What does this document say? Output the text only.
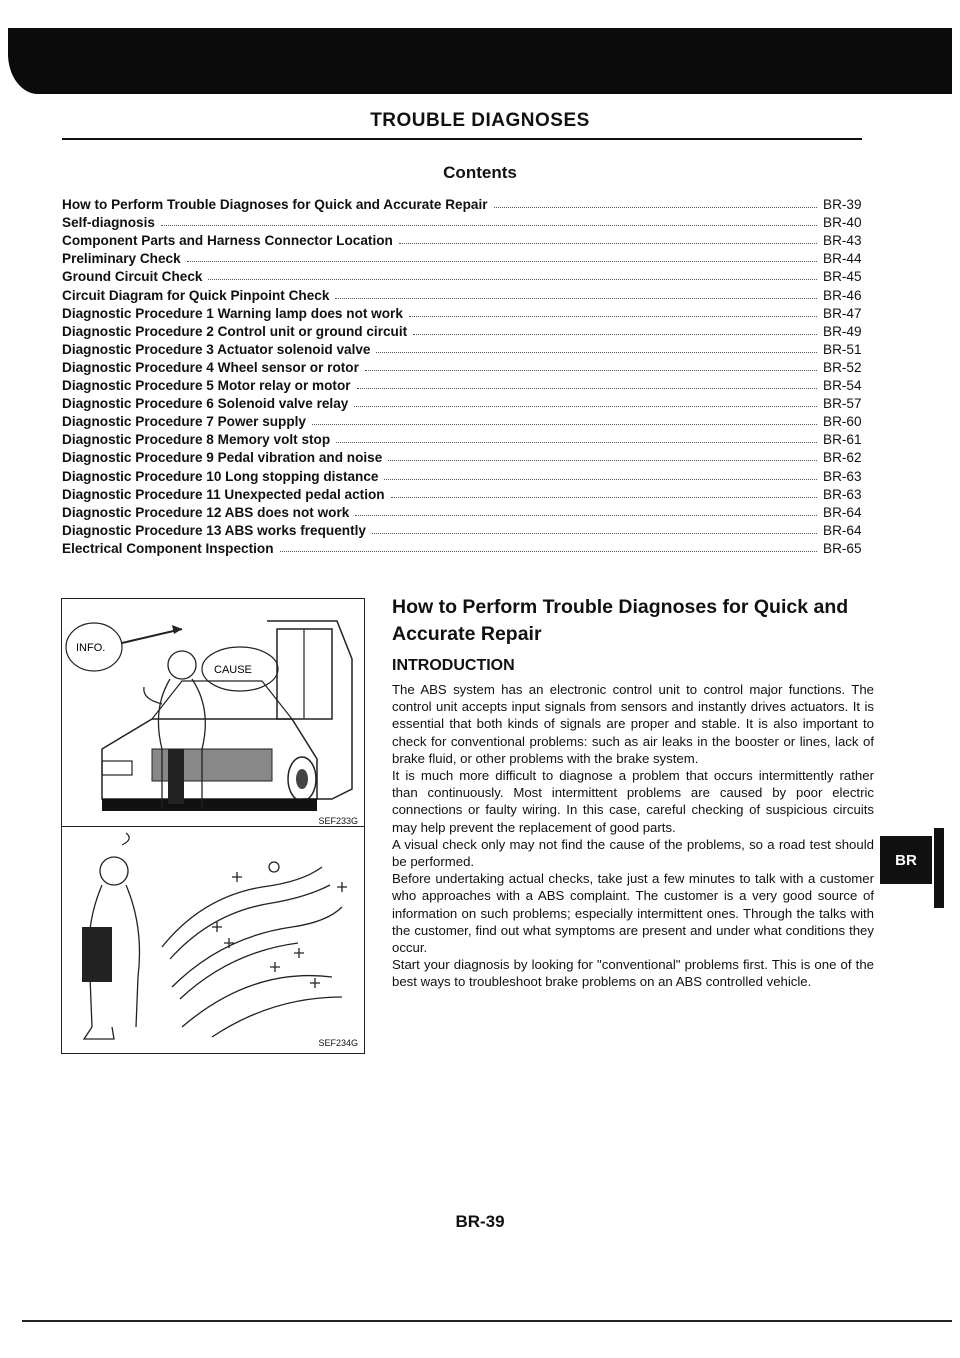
TROUBLE DIAGNOSES
Contents
How to Perform Trouble Diagnoses for Quick and Accurate Repair	BR-39
Self-diagnosis	BR-40
Component Parts and Harness Connector Location	BR-43
Preliminary Check	BR-44
Ground Circuit Check	BR-45
Circuit Diagram for Quick Pinpoint Check	BR-46
Diagnostic Procedure 1 Warning lamp does not work	BR-47
Diagnostic Procedure 2 Control unit or ground circuit	BR-49
Diagnostic Procedure 3 Actuator solenoid valve	BR-51
Diagnostic Procedure 4 Wheel sensor or rotor	BR-52
Diagnostic Procedure 5 Motor relay or motor	BR-54
Diagnostic Procedure 6 Solenoid valve relay	BR-57
Diagnostic Procedure 7 Power supply	BR-60
Diagnostic Procedure 8 Memory volt stop	BR-61
Diagnostic Procedure 9 Pedal vibration and noise	BR-62
Diagnostic Procedure 10 Long stopping distance	BR-63
Diagnostic Procedure 11 Unexpected pedal action	BR-63
Diagnostic Procedure 12 ABS does not work	BR-64
Diagnostic Procedure 13 ABS works frequently	BR-64
Electrical Component Inspection	BR-65
INFO.
CAUSE
SEF233G
SEF234G
How to Perform Trouble Diagnoses for Quick and Accurate Repair
INTRODUCTION

The ABS system has an electronic control unit to control major functions. The control unit accepts input signals from sensors and instantly drives actuators. It is essential that both kinds of signals are proper and stable. It is also important to check for conventional problems: such as air leaks in the booster or lines, lack of brake fluid, or other problems with the brake system.

It is much more difficult to diagnose a problem that occurs intermittently rather than continuously. Most intermittent problems are caused by poor electric connections or faulty wiring. In this case, careful checking of suspicious circuits may help prevent the replacement of good parts.

A visual check only may not find the cause of the problems, so a road test should be performed.

Before undertaking actual checks, take just a few minutes to talk with a customer who approaches with a ABS complaint. The customer is a very good source of information on such problems; especially intermittent ones. Through the talks with the customer, find out what symptoms are present and under what conditions they occur.

Start your diagnosis by looking for "conventional" problems first. This is one of the best ways to troubleshoot brake problems on an ABS controlled vehicle.

BR
BR-39
